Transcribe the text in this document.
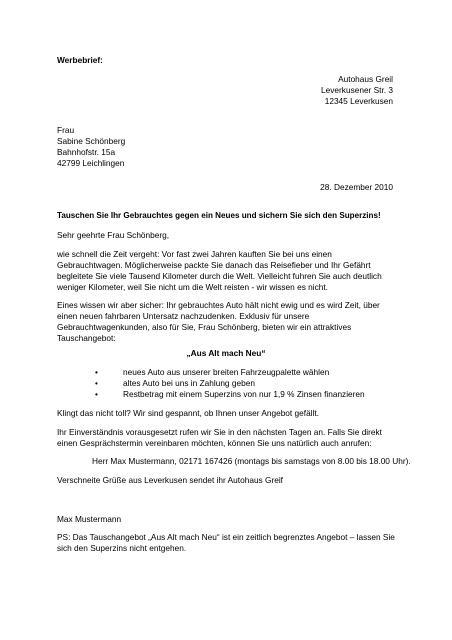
Werbebrief:
Autohaus Greil
Leverkusener Str. 3
12345 Leverkusen
Frau
Sabine Schönberg
Bahnhofstr. 15a
42799 Leichlingen
28. Dezember 2010
Tauschen Sie Ihr Gebrauchtes gegen ein Neues und sichern Sie sich den Superzins!
Sehr geehrte Frau Schönberg,
wie schnell die Zeit vergeht: Vor fast zwei Jahren kauften Sie bei uns einen
Gebrauchtwagen. Möglicherweise packte Sie danach das Reisefieber und Ihr Gefährt
begleitete Sie viele Tausend Kilometer durch die Welt. Vielleicht fuhren Sie auch deutlich
weniger Kilometer, weil Sie nicht um die Welt reisten - wir wissen es nicht.
Eines wissen wir aber sicher: Ihr gebrauchtes Auto hält nicht ewig und es wird Zeit, über
einen neuen fahrbaren Untersatz nachzudenken. Exklusiv für unsere
Gebrauchtwagenkunden, also für Sie, Frau Schönberg, bieten wir ein attraktives
Tauschangebot:
„Aus Alt mach Neu“
•	neues Auto aus unserer breiten Fahrzeugpalette wählen
•	altes Auto bei uns in Zahlung geben
•	Restbetrag mit einem Superzins von nur 1,9 % Zinsen finanzieren
Klingt das nicht toll? Wir sind gespannt, ob Ihnen unser Angebot gefällt.
Ihr Einverständnis vorausgesetzt rufen wir Sie in den nächsten Tagen an. Falls Sie direkt
einen Gesprächstermin vereinbaren möchten, können Sie uns natürlich auch anrufen:
Herr Max Mustermann, 02171 167426 (montags bis samstags von 8.00 bis 18.00 Uhr).
Verschneite Grüße aus Leverkusen sendet ihr Autohaus Greif
Max Mustermann
PS: Das Tauschangebot „Aus Alt mach Neu“ ist ein zeitlich begrenztes Angebot – lassen Sie
sich den Superzins nicht entgehen.
